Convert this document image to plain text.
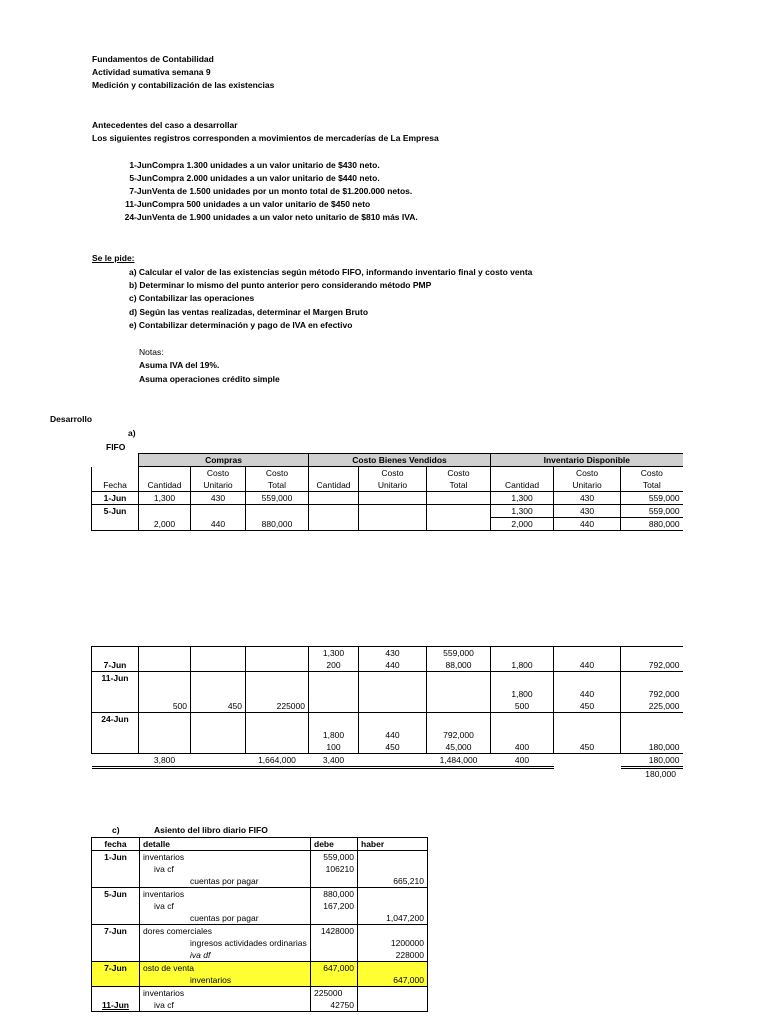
Fundamentos de Contabilidad
Actividad sumativa semana 9
Medición y contabilización de las existencias
Antecedentes del caso a desarrollar
Los siguientes registros corresponden a movimientos de mercaderías de La Empresa
1-Jun Compra 1.300 unidades a un valor unitario de $430 neto.
5-Jun Compra 2.000 unidades a un valor unitario de $440 neto.
7-Jun Venta de 1.500 unidades por un monto total de $1.200.000 netos.
11-Jun Compra 500 unidades a un valor unitario de $450 neto
24-Jun Venta de 1.900 unidades a un valor neto unitario de $810 más IVA.
Se le pide:
a) Calcular el valor de las existencias según método FIFO, informando inventario final y costo venta
b) Determinar lo mismo del punto anterior pero considerando método PMP
c) Contabilizar las operaciones
d) Según las ventas realizadas, determinar el Margen Bruto
e) Contabilizar determinación y pago de IVA en efectivo
Notas:
Asuma IVA del 19%.
Asuma operaciones crédito simple
Desarrollo
a)
FIFO
	Compras			Costo Bienes Vendidos			Inventario Disponible		
		Costo	Costo		Costo	Costo		Costo	Costo
Fecha	Cantidad	Unitario	Total	Cantidad	Unitario	Total	Cantidad	Unitario	Total
1-Jun	1,300	430	559,000				1,300	430	559,000
5-Jun							1,300	430	559,000
	2,000	440	880,000				2,000	440	880,000
				1,300	430	559,000			
7-Jun				200	440	88,000	1,800	440	792,000
11-Jun									
							1,800	440	792,000
	500	450	225000				500	450	225,000
24-Jun									
				1,800	440	792,000			
				100	450	45,000	400	450	180,000
	3,800		1,664,000	3,400		1,484,000	400		180,000
180,000
c)	Asiento del libro diario FIFO
fecha	detalle	debe	haber
1-Jun	inventarios	559,000	
	iva cf	106210	
	cuentas por pagar		665,210
5-Jun	inventarios	880,000	
	iva cf	167,200	
	cuentas por pagar		1,047,200
7-Jun	dores comerciales	1428000	
	ingresos actividades ordinarias		1200000
	iva df		228000
7-Jun	osto de venta	647,000	
	inventarios		647,000
	inventarios	225000	
11-Jun	iva cf	42750	
